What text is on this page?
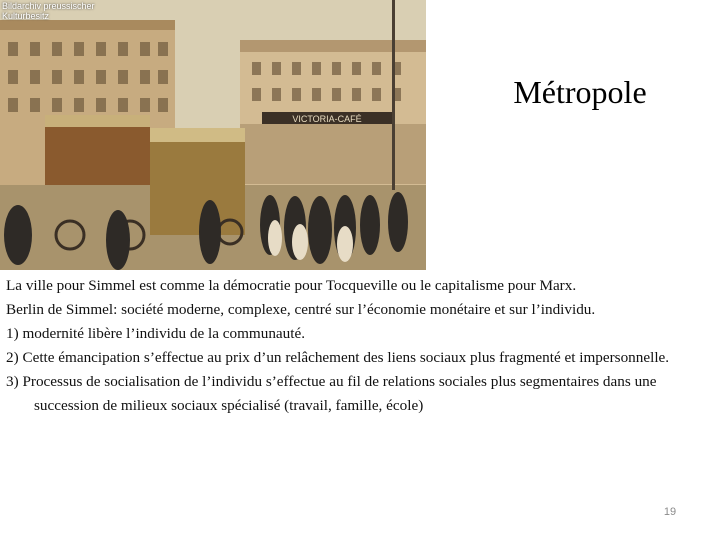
VICTORIA-CAFÉ
Bildarchiv preussischer
Kulturbesitz
Métropole

La ville pour Simmel est comme la démocratie pour Tocqueville ou le capitalisme pour Marx.

Berlin de Simmel: société moderne, complexe, centré sur l’économie monétaire et sur l’individu.

1) modernité libère l’individu de la communauté.

2) Cette émancipation s’effectue au prix d’un relâchement des liens sociaux plus fragmenté et impersonnelle.

3) Processus de socialisation de l’individu s’effectue au fil de relations sociales plus segmentaires dans une succession de milieux sociaux spécialisé (travail, famille, école)

19
